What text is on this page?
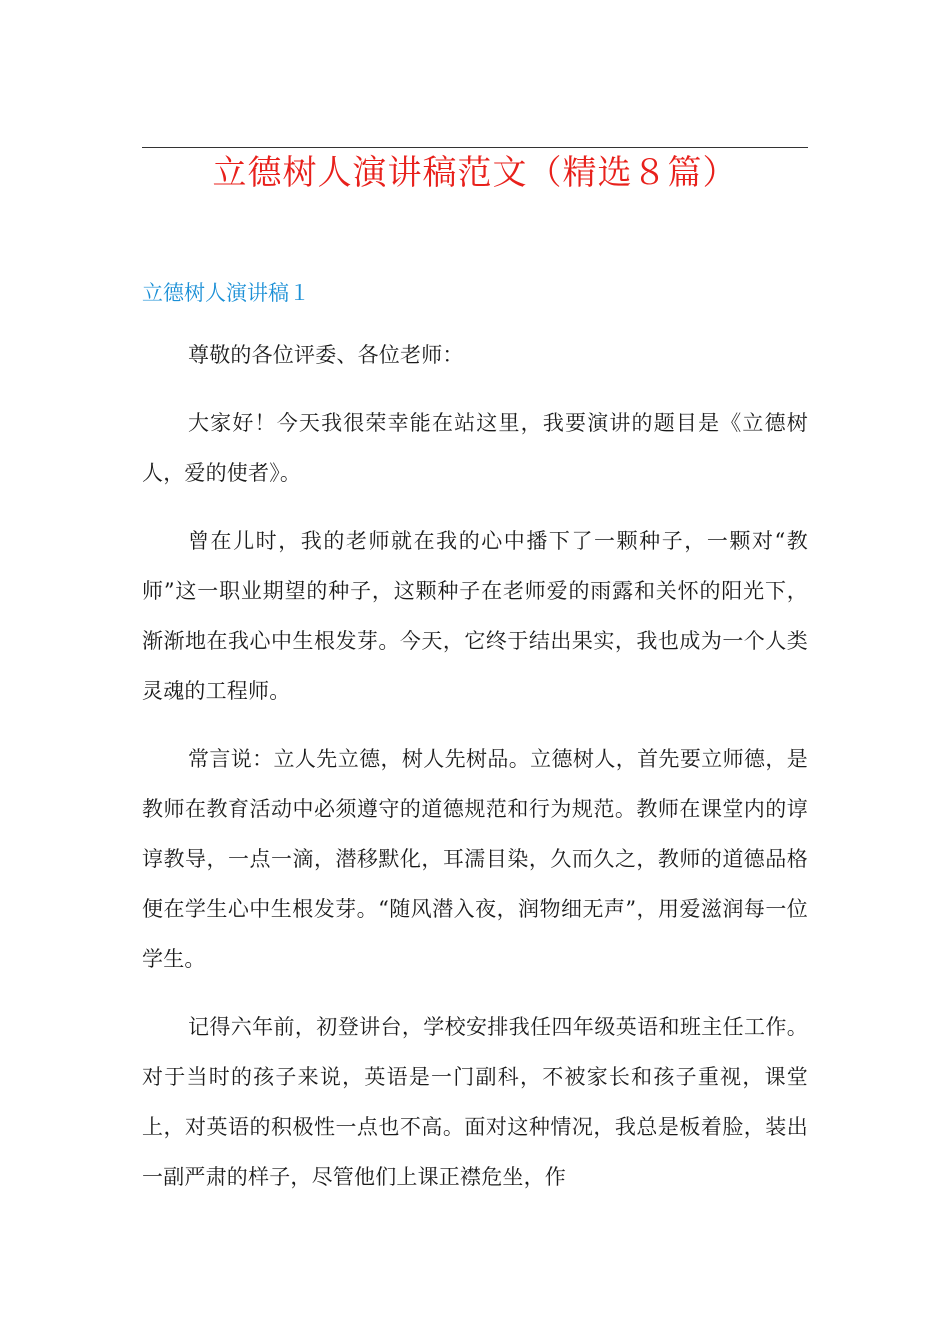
立德树人演讲稿范文（精选８篇）
立德树人演讲稿１

尊敬的各位评委、各位老师：

大家好！今天我很荣幸能在站这里，我要演讲的题目是《立德树人，爱的使者》。

曾在儿时，我的老师就在我的心中播下了一颗种子，一颗对“教师”这一职业期望的种子，这颗种子在老师爱的雨露和关怀的阳光下，渐渐地在我心中生根发芽。今天，它终于结出果实，我也成为一个人类灵魂的工程师。

常言说：立人先立德，树人先树品。立德树人，首先要立师德，是教师在教育活动中必须遵守的道德规范和行为规范。教师在课堂内的谆谆教导，一点一滴，潜移默化，耳濡目染，久而久之，教师的道德品格便在学生心中生根发芽。“随风潜入夜，润物细无声”，用爱滋润每一位学生。

记得六年前，初登讲台，学校安排我任四年级英语和班主任工作。对于当时的孩子来说，英语是一门副科，不被家长和孩子重视，课堂上，对英语的积极性一点也不高。面对这种情况，我总是板着脸，装出一副严肃的样子，尽管他们上课正襟危坐，作
